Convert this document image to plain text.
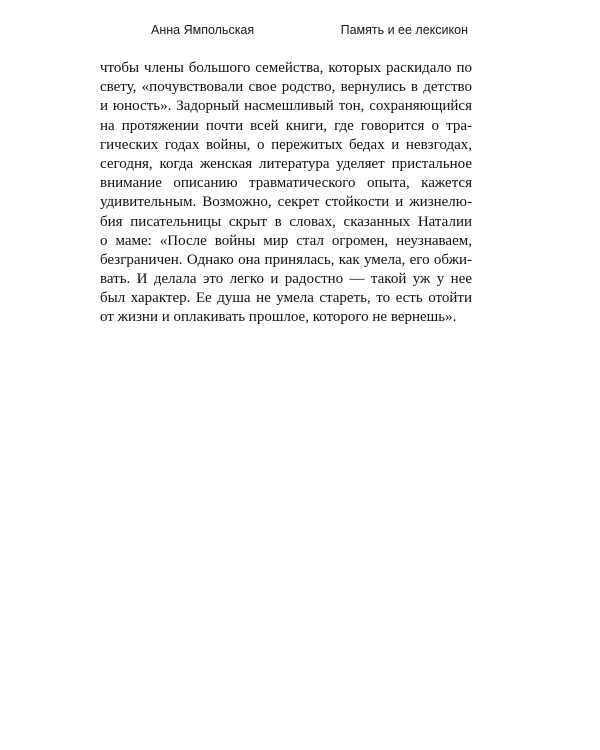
Анна Ямпольская	Память и ее лексикон
чтобы члены большого семейства, которых раскидало по
свету, «почувствовали свое родство, вернулись в детство
и юность». Задорный насмешливый тон, сохраняющийся
на протяжении почти всей книги, где говорится о тра-
гических годах войны, о пережитых бедах и невзгодах,
сегодня, когда женская литература уделяет пристальное
внимание описанию травматического опыта, кажется
удивительным. Возможно, секрет стойкости и жизнелю-
бия писательницы скрыт в словах, сказанных Наталии
о маме: «После войны мир стал огромен, неузнаваем,
безграничен. Однако она принялась, как умела, его обжи-
вать. И делала это легко и радостно — такой уж у нее
был характер. Ее душа не умела стареть, то есть отойти
от жизни и оплакивать прошлое, которого не вернешь».
